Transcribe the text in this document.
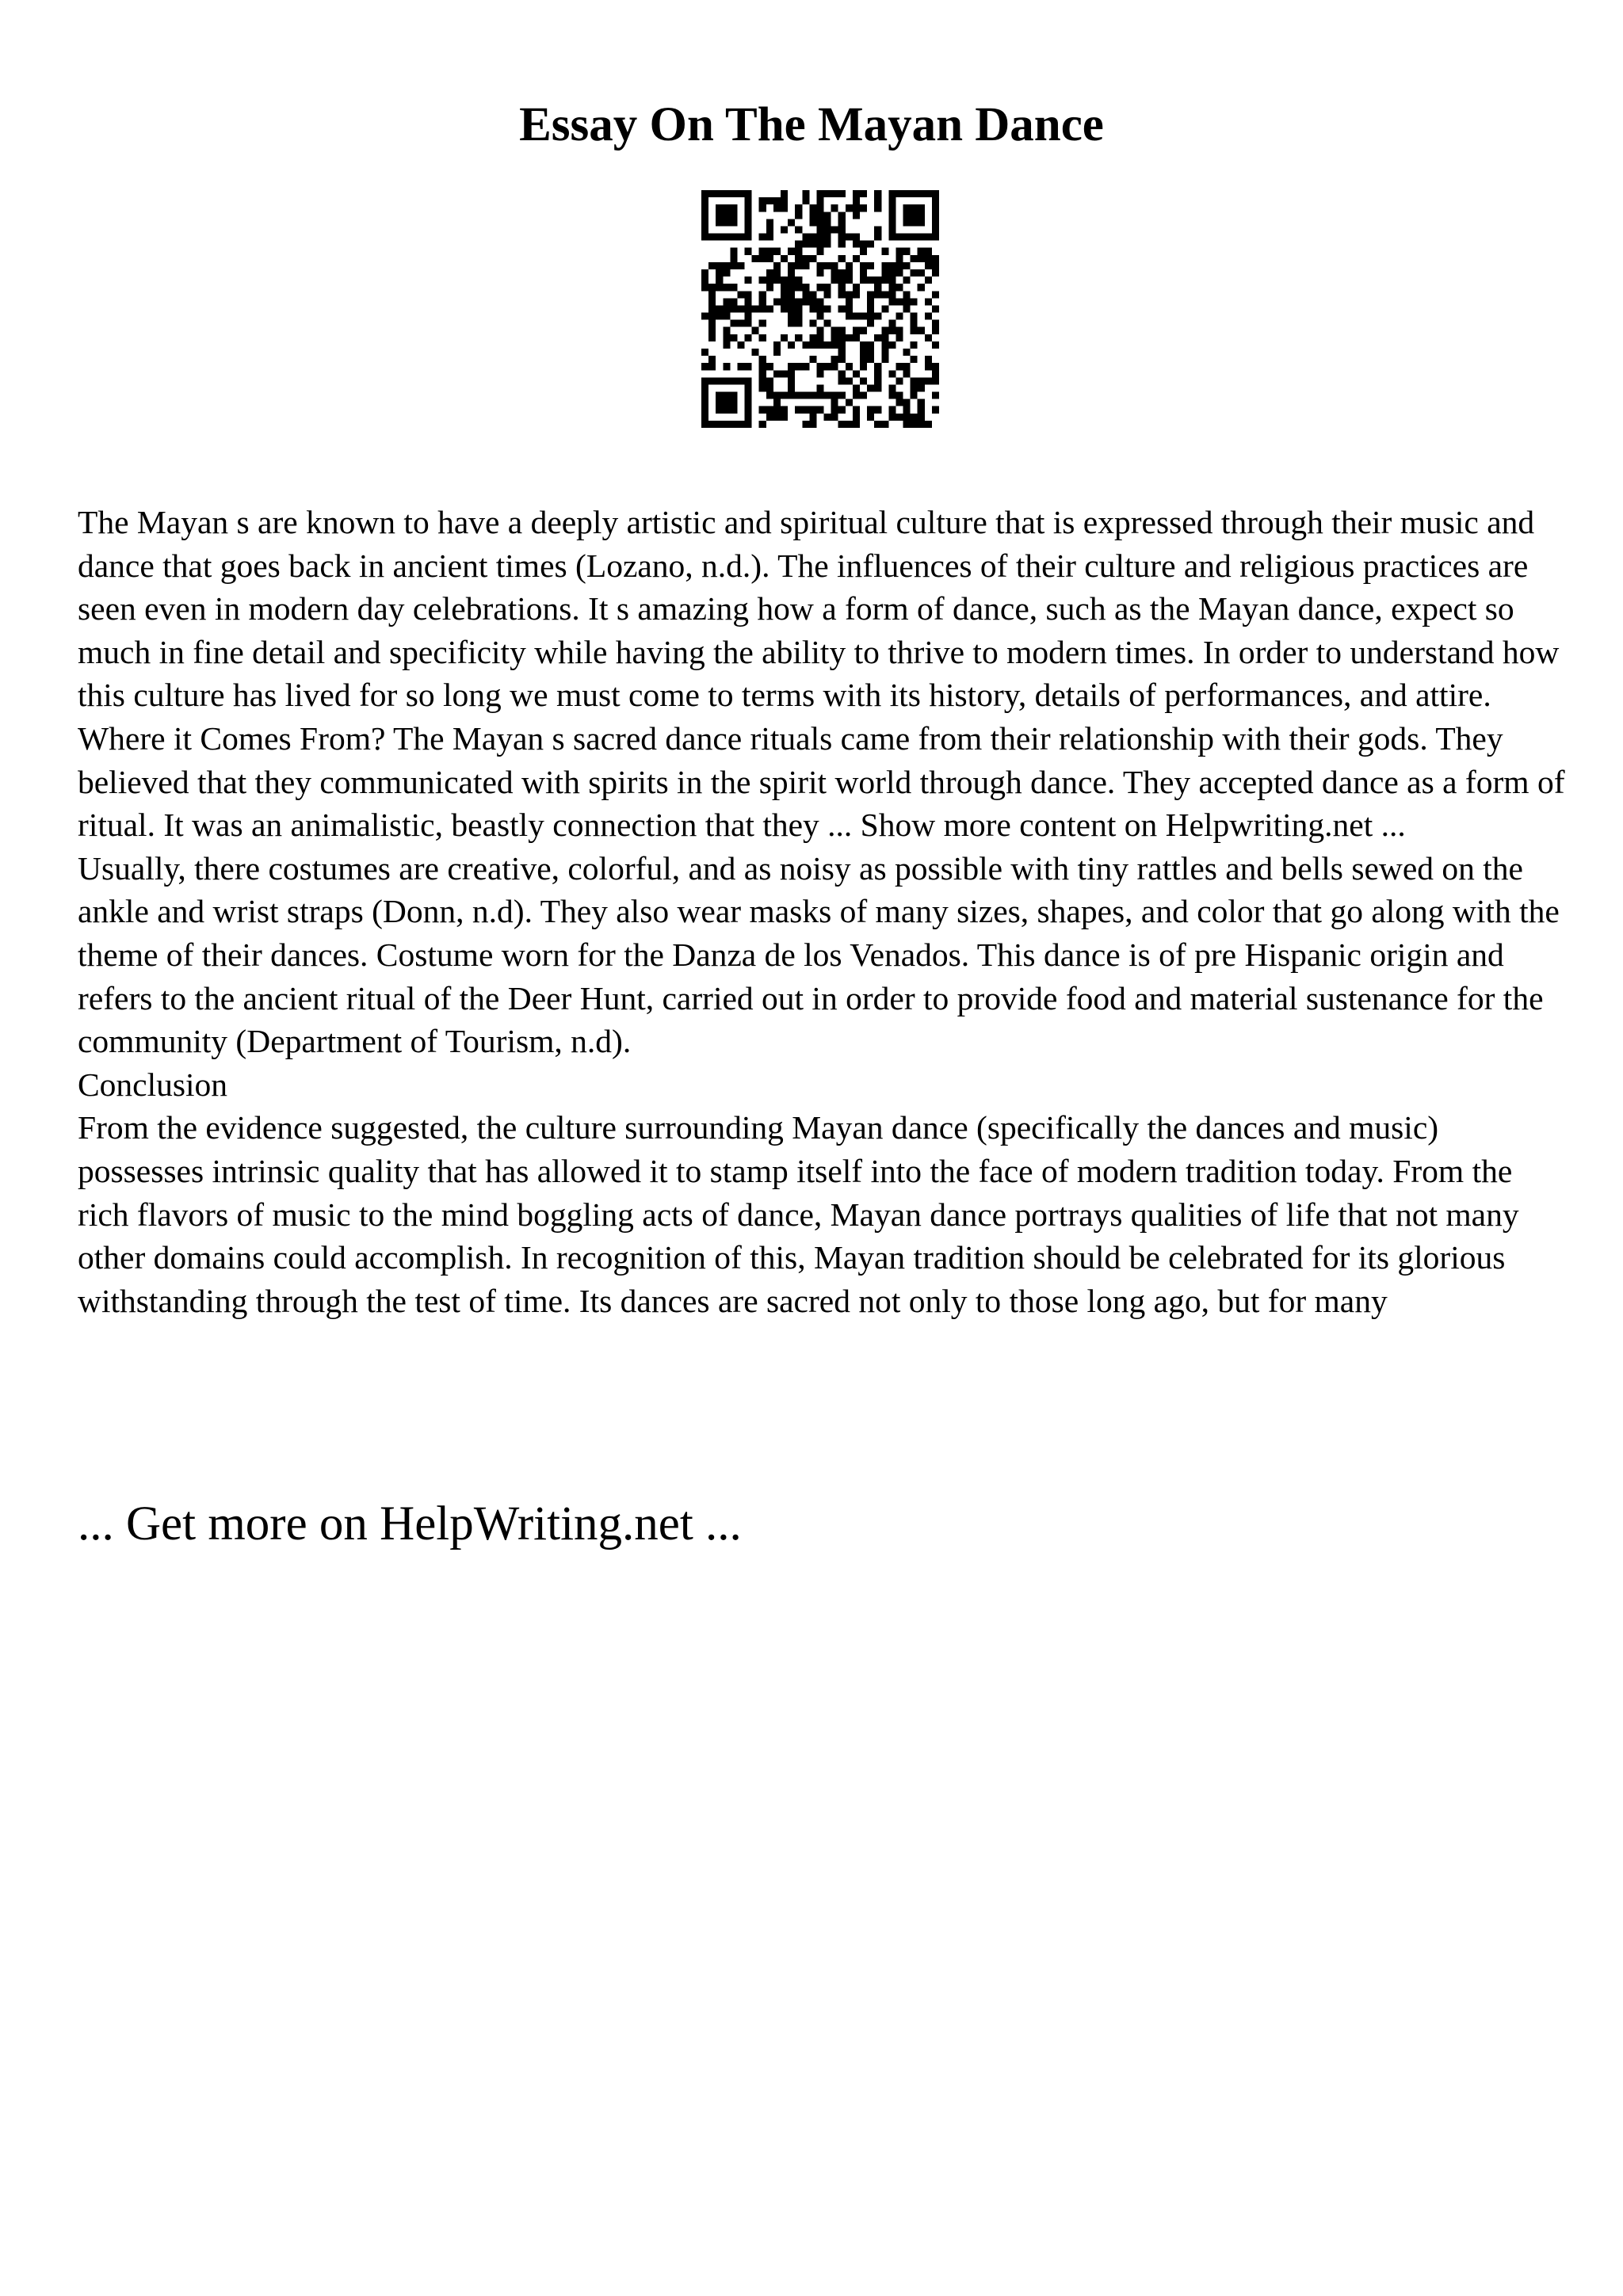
Essay On The Mayan Dance

The Mayan s are known to have a deeply artistic and spiritual culture that is expressed through their music and dance that goes back in ancient times (Lozano, n.d.). The influences of their culture and religious practices are seen even in modern day celebrations. It s amazing how a form of dance, such as the Mayan dance, expect so much in fine detail and specificity while having the ability to thrive to modern times. In order to understand how this culture has lived for so long we must come to terms with its history, details of performances, and attire.

Where it Comes From? The Mayan s sacred dance rituals came from their relationship with their gods. They believed that they communicated with spirits in the spirit world through dance. They accepted dance as a form of ritual. It was an animalistic, beastly connection that they ... Show more content on Helpwriting.net ...

Usually, there costumes are creative, colorful, and as noisy as possible with tiny rattles and bells sewed on the ankle and wrist straps (Donn, n.d). They also wear masks of many sizes, shapes, and color that go along with the theme of their dances. Costume worn for the Danza de los Venados. This dance is of pre Hispanic origin and refers to the ancient ritual of the Deer Hunt, carried out in order to provide food and material sustenance for the community (Department of Tourism, n.d).

Conclusion

From the evidence suggested, the culture surrounding Mayan dance (specifically the dances and music) possesses intrinsic quality that has allowed it to stamp itself into the face of modern tradition today. From the rich flavors of music to the mind boggling acts of dance, Mayan dance portrays qualities of life that not many other domains could accomplish. In recognition of this, Mayan tradition should be celebrated for its glorious withstanding through the test of time. Its dances are sacred not only to those long ago, but for many

... Get more on HelpWriting.net ...
